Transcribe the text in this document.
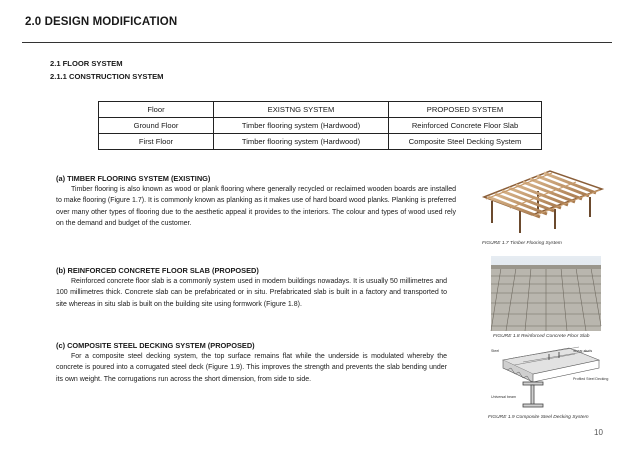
2.0 DESIGN MODIFICATION
2.1 FLOOR SYSTEM
2.1.1 CONSTRUCTION SYSTEM
Floor	EXISTNG SYSTEM	PROPOSED SYSTEM
Ground Floor	Timber flooring system (Hardwood)	Reinforced Concrete Floor Slab
First Floor	Timber flooring system (Hardwood)	Composite Steel Decking System
(a) TIMBER FLOORING SYSTEM (EXISTING)

Timber flooring is also known as wood or plank flooring where generally recycled or reclaimed wooden boards are installed to make flooring (Figure 1.7). It is commonly known as planking as it makes use of hard board wood planks. Planking is preferred over many other types of flooring due to the aesthetic appeal it provides to the interiors. The colour and types of wood used rely on the demand and budget of the customer.

(b) REINFORCED CONCRETE FLOOR SLAB (PROPOSED)

Reinforced concrete floor slab is a commonly system used in modern buildings nowadays. It is usually 50 millimetres and 100 millimetres thick. Concrete slab can be prefabricated or in situ. Prefabricated slab is built in a factory and transported to site whereas in situ slab is built on the building site using formwork (Figure 1.8).

(c) COMPOSITE STEEL DECKING SYSTEM (PROPOSED)

For a composite steel decking system, the top surface remains flat while the underside is modulated whereby the concrete is poured into a corrugated steel deck (Figure 1.9). This improves the strength and prevents the slab bending under its own weight. The corrugations run across the short dimension, from side to side.

FIGURE 1.7 Timber Flooring System
FIGURE 1.8 Reinforced Concrete Floor Slab
Steel	Shear studs
Profiled Steel Decking
Universal beam
FIGURE 1.9 Composite Steel Decking System
10
